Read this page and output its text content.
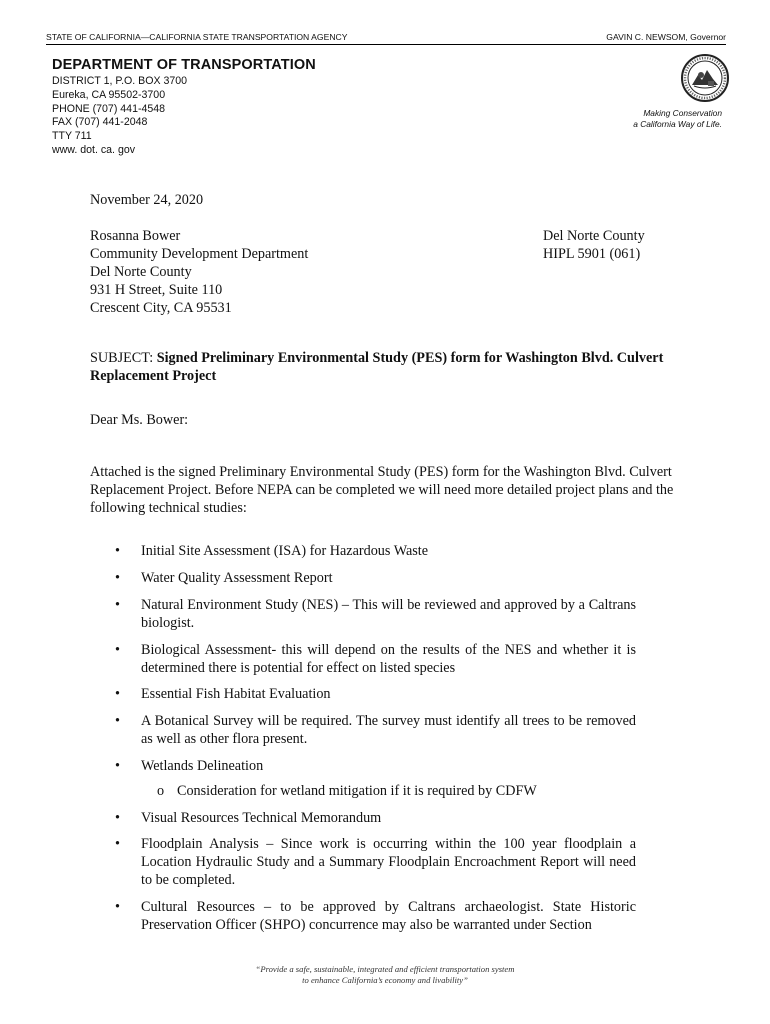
STATE OF CALIFORNIA—CALIFORNIA STATE TRANSPORTATION AGENCY	GAVIN C. NEWSOM, Governor
DEPARTMENT OF TRANSPORTATION
DISTRICT 1, P.O. BOX 3700
Eureka, CA 95502-3700
PHONE (707) 441-4548
FAX (707) 441-2048
TTY 711
www. dot. ca. gov
Making Conservation
a California Way of Life.
November 24, 2020
Rosanna Bower
Community Development Department
Del Norte County
931 H Street, Suite 110
Crescent City, CA 95531
Del Norte County
HIPL 5901 (061)
SUBJECT: Signed Preliminary Environmental Study (PES) form for Washington Blvd. Culvert Replacement Project
Dear Ms. Bower:
Attached is the signed Preliminary Environmental Study (PES) form for the Washington Blvd. Culvert Replacement Project. Before NEPA can be completed we will need more detailed project plans and the following technical studies:
• Initial Site Assessment (ISA) for Hazardous Waste
• Water Quality Assessment Report
• Natural Environment Study (NES) – This will be reviewed and approved by a Caltrans biologist.
• Biological Assessment- this will depend on the results of the NES and whether it is determined there is potential for effect on listed species
• Essential Fish Habitat Evaluation
• A Botanical Survey will be required. The survey must identify all trees to be removed as well as other flora present.
• Wetlands Delineation
o Consideration for wetland mitigation if it is required by CDFW
• Visual Resources Technical Memorandum
• Floodplain Analysis – Since work is occurring within the 100 year floodplain a Location Hydraulic Study and a Summary Floodplain Encroachment Report will need to be completed.
• Cultural Resources – to be approved by Caltrans archaeologist. State Historic Preservation Officer (SHPO) concurrence may also be warranted under Section
“Provide a safe, sustainable, integrated and efficient transportation system
to enhance California’s economy and livability”
